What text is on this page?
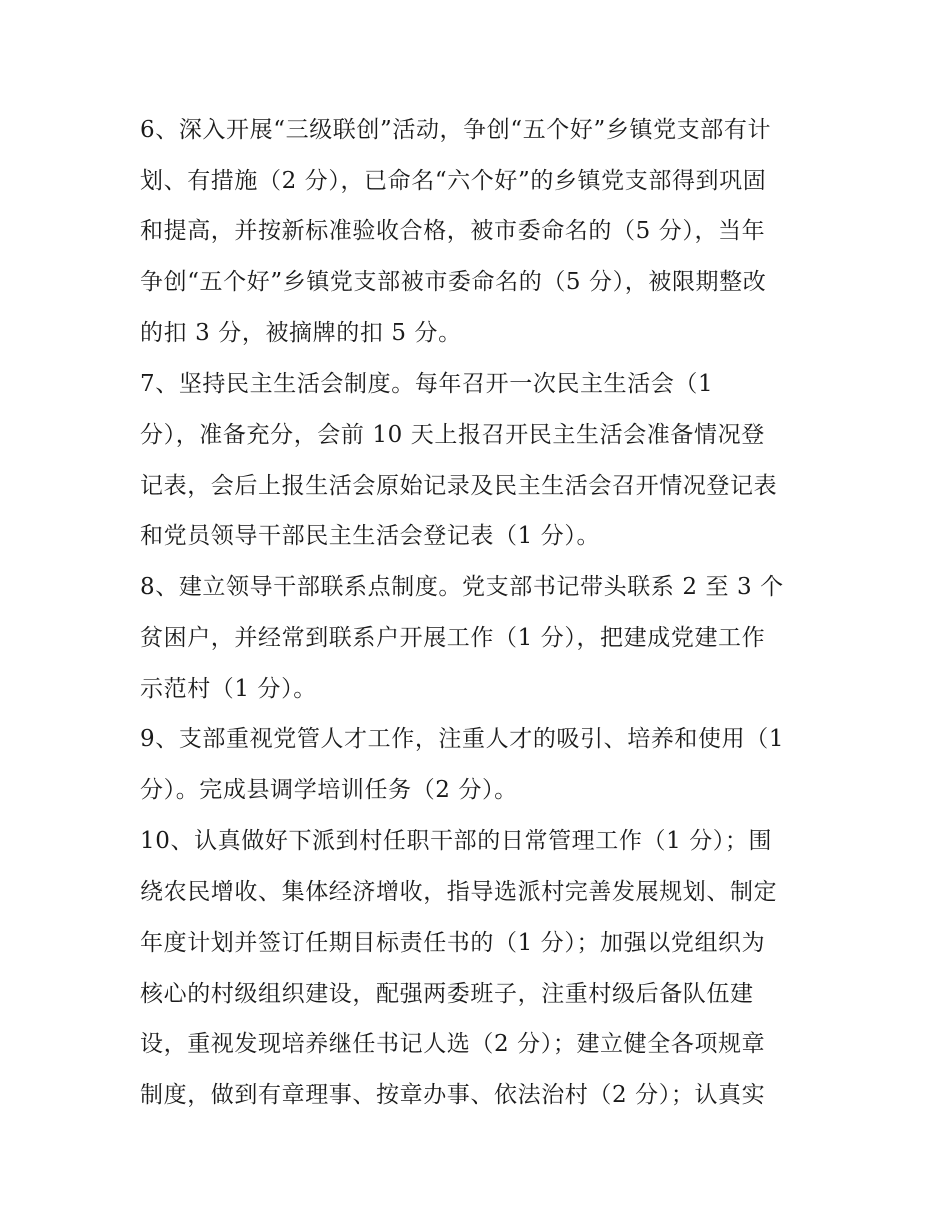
6、深入开展“三级联创”活动，争创“五个好”乡镇党支部有计
划、有措施（2 分），已命名“六个好”的乡镇党支部得到巩固
和提高，并按新标准验收合格，被市委命名的（5 分），当年
争创“五个好”乡镇党支部被市委命名的（5 分），被限期整改
的扣 3 分，被摘牌的扣 5 分。
7、坚持民主生活会制度。每年召开一次民主生活会（1
分），准备充分，会前 10 天上报召开民主生活会准备情况登
记表，会后上报生活会原始记录及民主生活会召开情况登记表
和党员领导干部民主生活会登记表（1 分）。
8、建立领导干部联系点制度。党支部书记带头联系 2 至 3 个
贫困户，并经常到联系户开展工作（1 分），把建成党建工作
示范村（1 分）。
9、支部重视党管人才工作，注重人才的吸引、培养和使用（1
分）。完成县调学培训任务（2 分）。
10、认真做好下派到村任职干部的日常管理工作（1 分）；围
绕农民增收、集体经济增收，指导选派村完善发展规划、制定
年度计划并签订任期目标责任书的（1 分）；加强以党组织为
核心的村级组织建设，配强两委班子，注重村级后备队伍建
设，重视发现培养继任书记人选（2 分）；建立健全各项规章
制度，做到有章理事、按章办事、依法治村（2 分）；认真实
